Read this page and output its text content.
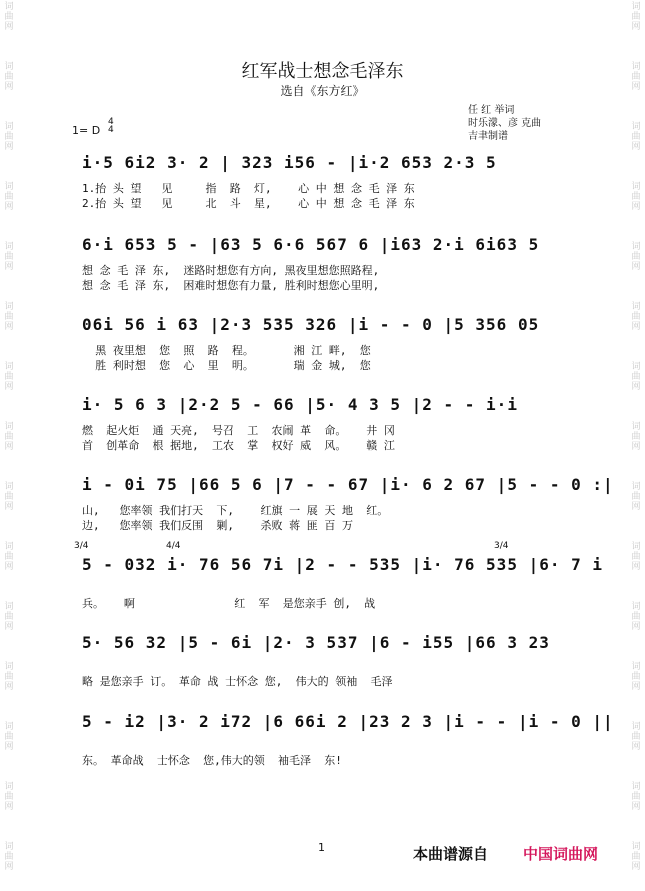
词
曲
网
词
曲
网
词
曲
网
词
曲
网
词
曲
网
词
曲
网
词
曲
网
词
曲
网
词
曲
网
词
曲
网
词
曲
网
词
曲
网
词
曲
网
词
曲
网
词
曲
网
词
曲
网
词
曲
网
词
曲
网
词
曲
网
词
曲
网
词
曲
网
词
曲
网
词
曲
网
词
曲
网
词
曲
网
词
曲
网
词
曲
网
词
曲
网
词
曲
网
词
曲
网
红军战士想念毛泽东
选自《东方红》
任 红 举词
时乐濛、彦 克曲
吉聿制谱
1= D
4
4
i·5 6i2 3· 2 | 323 i56 - |i·2 653 2·3 5
1.抬 头 望   见     指  路  灯,    心 中 想 念 毛 泽 东
2.抬 头 望   见     北  斗  星,    心 中 想 念 毛 泽 东
6·i 653 5 - |63 5 6·6 567 6 |i63 2·i 6i63 5
想 念 毛 泽 东,  迷路时想您有方向, 黑夜里想您照路程,
想 念 毛 泽 东,  困难时想您有力量, 胜利时想您心里明,
06i 56 i 63 |2·3 535 326 |i - - 0 |5 356 05
黑 夜里想  您  照  路  程。      湘 江 畔,  您
胜 利时想  您  心  里  明。      瑞 金 城,  您
i· 5 6 3 |2·2 5 - 66 |5· 4 3 5 |2 - - i·i
燃  起火炬  通 天亮,  号召  工  农闹 革  命。   井 冈
首  创革命  根 据地,  工农  掌  权好 威  风。   赣 江
i - 0i 75 |66 5 6 |7 - - 67 |i· 6 2 67 |5 - - 0 :|
山,   您率领 我们打天  下,    红旗 一 展 天 地  红。
边,   您率领 我们反围  剿,    杀败 蒋 匪 百 万
3/4	4/4	3/4
5 - 032 i· 76 56 7i |2 - - 535 |i· 76 535 |6· 7 i
兵。   啊               红  军  是您亲手 创,  战
5· 56 32 |5 - 6i |2· 3 537 |6 - i55 |66 3 23
略 是您亲手 订。 革命 战 士怀念 您,  伟大的 领袖  毛泽
5 - i2 |3· 2 i72 |6 66i 2 |23 2 3 |i - - |i - 0 ||
东。 革命战  士怀念  您,伟大的领  袖毛泽  东!
1	本曲谱源自 中国词曲网
